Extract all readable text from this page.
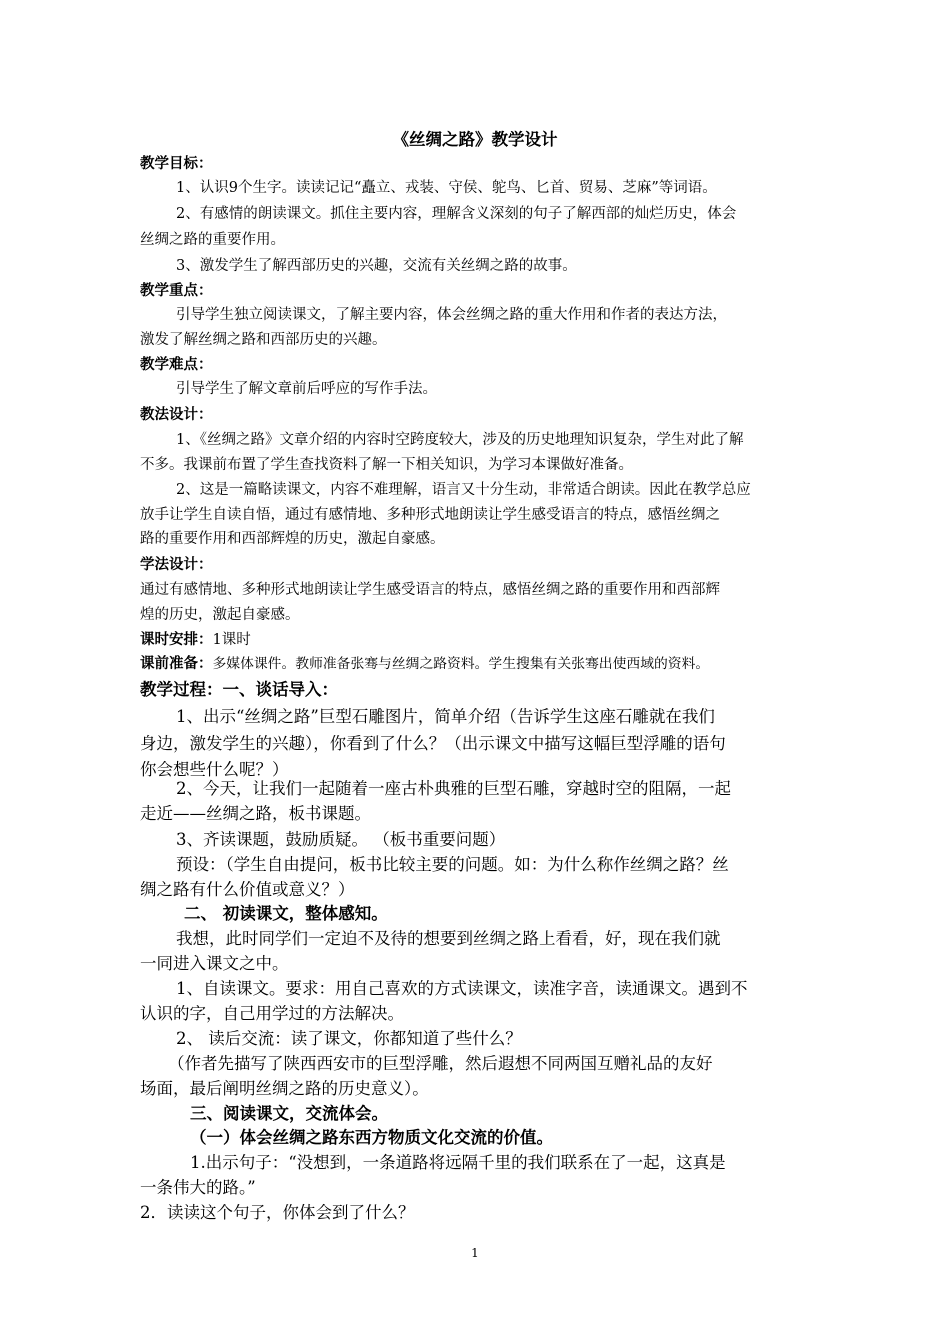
《丝绸之路》教学设计
教学目标：
1、认识9个生字。读读记记“矗立、戎装、守侯、鸵鸟、匕首、贸易、芝麻”等词语。
2、有感情的朗读课文。抓住主要内容，理解含义深刻的句子了解西部的灿烂历史，体会
丝绸之路的重要作用。
3、激发学生了解西部历史的兴趣，交流有关丝绸之路的故事。
教学重点：
引导学生独立阅读课文，了解主要内容，体会丝绸之路的重大作用和作者的表达方法，
激发了解丝绸之路和西部历史的兴趣。
教学难点：
引导学生了解文章前后呼应的写作手法。
教法设计：
1、《丝绸之路》文章介绍的内容时空跨度较大，涉及的历史地理知识复杂，学生对此了解
不多。我课前布置了学生查找资料了解一下相关知识，为学习本课做好准备。
2、这是一篇略读课文，内容不难理解，语言又十分生动，非常适合朗读。因此在教学总应
放手让学生自读自悟，通过有感情地、多种形式地朗读让学生感受语言的特点，感悟丝绸之
路的重要作用和西部辉煌的历史，激起自豪感。
学法设计：
通过有感情地、多种形式地朗读让学生感受语言的特点，感悟丝绸之路的重要作用和西部辉
煌的历史，激起自豪感。
课时安排：1课时
课前准备：多媒体课件。教师准备张骞与丝绸之路资料。学生搜集有关张骞出使西域的资料。
教学过程：一、谈话导入：
1、出示“丝绸之路”巨型石雕图片，简单介绍（告诉学生这座石雕就在我们
身边，激发学生的兴趣），你看到了什么？（出示课文中描写这幅巨型浮雕的语句
你会想些什么呢？）
2、今天，让我们一起随着一座古朴典雅的巨型石雕，穿越时空的阻隔，一起
走近——丝绸之路，板书课题。
3、齐读课题，鼓励质疑。 （板书重要问题）
预设：（学生自由提问，板书比较主要的问题。如：为什么称作丝绸之路？丝
绸之路有什么价值或意义？）
二、 初读课文，整体感知。
我想，此时同学们一定迫不及待的想要到丝绸之路上看看，好，现在我们就
一同进入课文之中。
1、自读课文。要求：用自己喜欢的方式读课文，读准字音，读通课文。遇到不
认识的字，自己用学过的方法解决。
2、 读后交流：读了课文，你都知道了些什么？
（作者先描写了陕西西安市的巨型浮雕，然后遐想不同两国互赠礼品的友好
场面，最后阐明丝绸之路的历史意义）。
三、阅读课文，交流体会。
（一）体会丝绸之路东西方物质文化交流的价值。
1.出示句子：“没想到，一条道路将远隔千里的我们联系在了一起，这真是
一条伟大的路。”
2．读读这个句子，你体会到了什么？
1
